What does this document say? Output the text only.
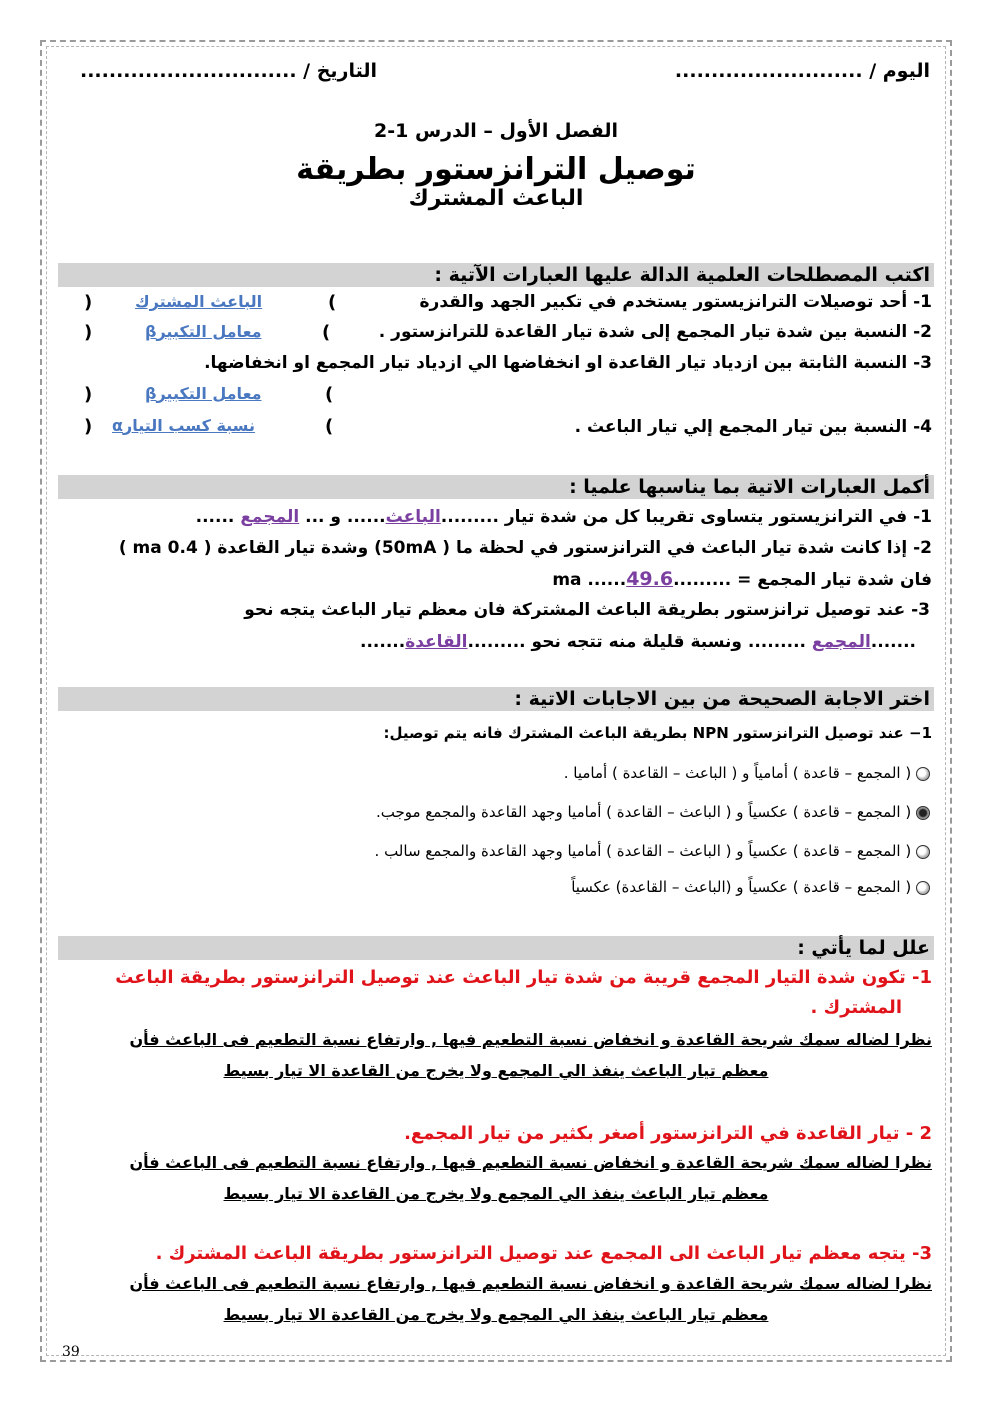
اليوم / ..........................
التاريخ / ..............................
الفصل الأول – الدرس 1-2
توصيل الترانزستور بطريقة
الباعث المشترك
اكتب المصطلحات العلمية الدالة عليها العبارات الآتية :
1- أحد توصيلات الترانزيستور يستخدم في تكبير الجهد والقدرة
(
الباعث المشترك
)
2- النسبة بين شدة تيار المجمع إلى شدة تيار القاعدة للترانزستور .
(
معامل التكبيرβ
)
3- النسبة الثابتة بين ازدياد تيار القاعدة او انخفاضها الي ازدياد تيار المجمع او انخفاضها.
(
معامل التكبيرβ
)
4- النسبة بين تيار المجمع إلي تيار الباعث .
(
نسبة كسب التيارα
)
أكمل العبارات الاتية بما يناسبها علميا :
1- في الترانزيستور يتساوى تقريبا كل من شدة تيار .........الباعث...... و ... المجمع ......
2- إذا كانت شدة تيار الباعث في الترانزستور في لحظة ما ( 50mA) وشدة تيار القاعدة ( 0.4 ma )
فان شدة تيار المجمع = .........49.6...... ma
3- عند توصيل ترانزستور بطريقة الباعث المشتركة فان معظم تيار الباعث يتجه نحو
.......المجمع ......... ونسبة قليلة منه تتجه نحو .........القاعدة.......
اختر الاجابة الصحيحة من بين الاجابات الاتية :
1− عند توصيل الترانزستور NPN بطريقة الباعث المشترك فانه يتم توصيل:
( المجمع – قاعدة ) أمامياً و ( الباعث – القاعدة ) أماميا .
( المجمع – قاعدة ) عكسياً و ( الباعث – القاعدة ) أماميا وجهد القاعدة والمجمع موجب.
( المجمع – قاعدة ) عكسياً و ( الباعث – القاعدة ) أماميا وجهد القاعدة والمجمع سالب .
( المجمع – قاعدة ) عكسياً و (الباعث – القاعدة) عكسياً
علل لما يأتي :
1- تكون شدة التيار المجمع قريبة من شدة تيار الباعث عند توصيل الترانزستور بطريقة الباعث
المشترك .
نظرا لضاله سمك شريحة القاعدة و انخفاض نسبة التطعيم فيها , وارتفاع نسبة التطعيم فى الباعث فأن
معظم تيار الباعث ينفذ الي المجمع ولا يخرج من القاعدة الا تيار بسيط
2 - تيار القاعدة في الترانزستور أصغر بكثير من تيار المجمع.
نظرا لضاله سمك شريحة القاعدة و انخفاض نسبة التطعيم فيها , وارتفاع نسبة التطعيم فى الباعث فأن
معظم تيار الباعث ينفذ الي المجمع ولا يخرج من القاعدة الا تيار بسيط
3- يتجه معظم تيار الباعث الى المجمع عند توصيل الترانزستور بطريقة الباعث المشترك .
نظرا لضاله سمك شريحة القاعدة و انخفاض نسبة التطعيم فيها , وارتفاع نسبة التطعيم فى الباعث فأن
معظم تيار الباعث ينفذ الي المجمع ولا يخرج من القاعدة الا تيار بسيط
39
